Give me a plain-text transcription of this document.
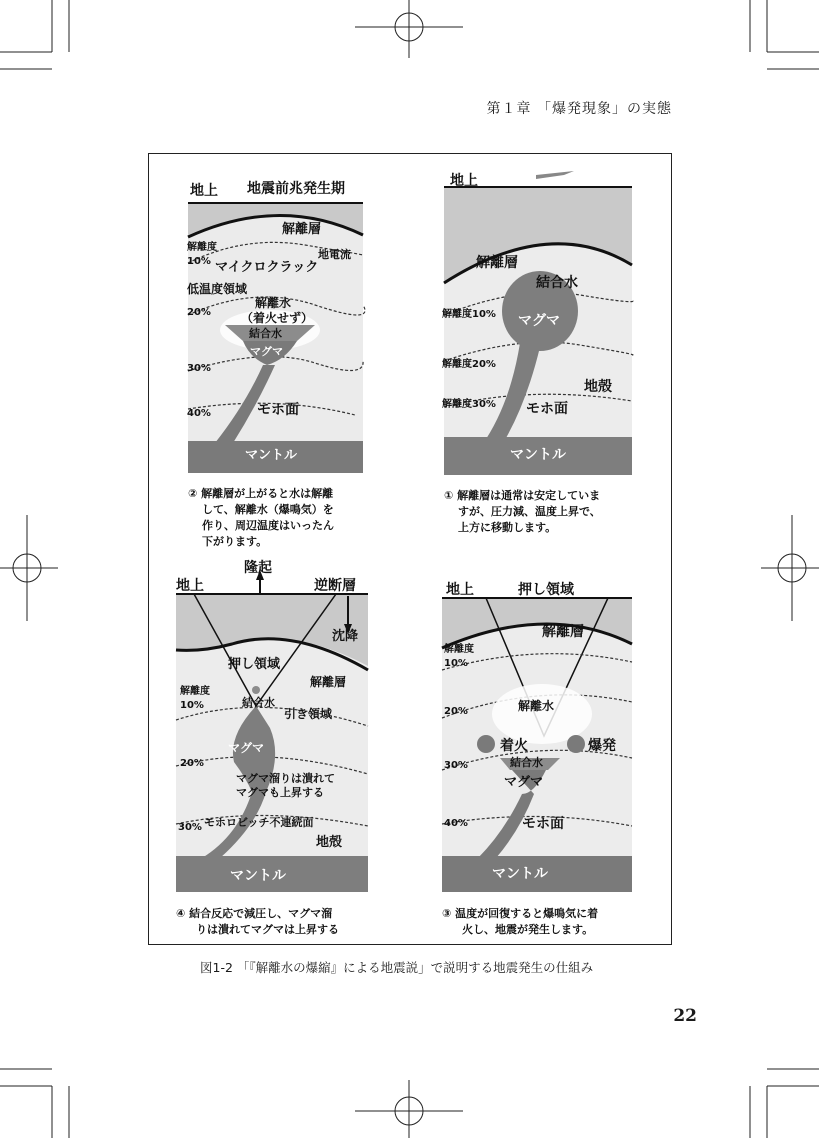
第１章 「爆発現象」の実態
地上 地震前兆発生期
解離層
解離度
10%
地電流
マイクロクラック
低温度領域
解離水
（着火せず）
20%
結合水
マグマ
30%
40%	モホ面
マントル
② 解離層が上がると水は解離
して、解離水（爆鳴気）を
作り、周辺温度はいったん
下がります。
地上
解離層
結合水
マグマ
解離度10%
解離度20%
地殻
解離度30% モホ面
マントル
① 解離層は通常は安定していま
すが、圧力減、温度上昇で、
上方に移動します。
地上
隆起
逆断層
沈降
押し領域
解離層
解離度
10%	結合水
引き領域
マグマ
20%
マグマ溜りは潰れて
マグマも上昇する
30% モホロビッチ不連続面
地殻
マントル
④ 結合反応で減圧し、マグマ溜
りは潰れてマグマは上昇する
地上	押し領域
解離層
解離度
10%
20%	解離水
着火	爆発
結合水
マグマ
30%
40%	モホ面
マントル
③ 温度が回復すると爆鳴気に着
火し、地震が発生します。
図1-2 「『解離水の爆縮』による地震説」で説明する地震発生の仕組み
22
